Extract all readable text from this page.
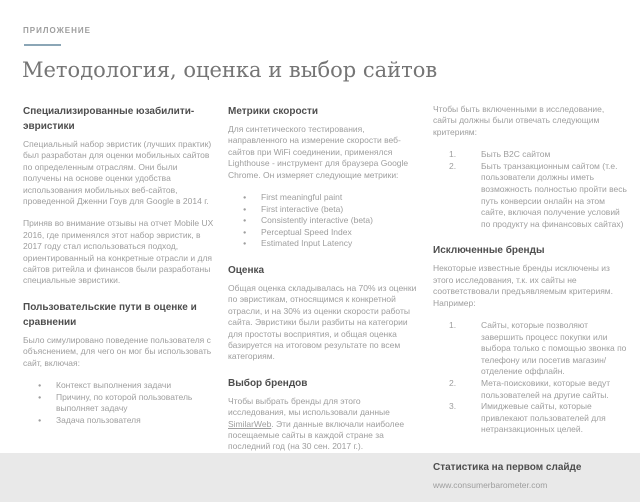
ПРИЛОЖЕНИЕ
Методология, оценка и выбор сайтов
Специализированные юзабилити-эвристики

Специальный набор эвристик (лучших практик) был разработан для оценки мобильных сайтов по определенным отраслям. Они были получены на основе оценки удобства использования мобильных веб-сайтов, проведенной Дженни Гоув для Google в 2014 г.

Приняв во внимание отзывы на отчет Mobile UX 2016, где применялся этот набор эвристик, в 2017 году стал использоваться подход, ориентированный на конкретные отрасли и для сайтов ритейла и финансов были разработаны специальные эвристики.

Пользовательские пути в оценке и сравнении

Было симулировано поведение пользователя с объяснением, для чего он мог бы использовать сайт, включая:

● Контекст выполнения задачи
● Причину, по которой пользователь выполняет задачу
● Задача пользователя
Метрики скорости

Для синтетического тестирования, направленного на измерение скорости веб-сайтов при WiFi соединении, применялся Lighthouse - инструмент для браузера Google Chrome. Он измеряет следующие метрики:

● First meaningful paint
● First interactive (beta)
● Consistently interactive (beta)
● Perceptual Speed Index
● Estimated Input Latency
Оценка

Общая оценка складывалась на 70% из оценки по эвристикам, относящимся к конкретной отрасли, и на 30% из оценки скорости работы сайта. Эвристики были разбиты на категории для простоты восприятия, и общая оценка базируется на итоговом результате по всем категориям.

Выбор брендов

Чтобы выбрать бренды для этого исследования, мы использовали данные SimilarWeb. Эти данные включали наиболее посещаемые сайты в каждой стране за последний год (на 30 сен. 2017 г.).

Чтобы быть включенными в исследование, сайты должны были отвечать следующим критериям:

Быть B2C сайтом
Быть транзакционным сайтом (т.е. пользователи должны иметь возможность полностью пройти весь путь конверсии онлайн на этом сайте, включая получение условий по продукту на финансовых сайтах)
Исключенные бренды

Некоторые известные бренды исключены из этого исследования, т.к. их сайты не соответствовали предъявляемым критериям. Например:

Сайты, которые позволяют завершить процесс покупки или выбора только с помощью звонка по телефону или посетив магазин/отделение оффлайн.
Мета-поисковики, которые ведут пользователей на другие сайты.
Имиджевые сайты, которые привлекают пользователей для нетранзакционных целей.
Статистика на первом слайде

www.consumerbarometer.com
